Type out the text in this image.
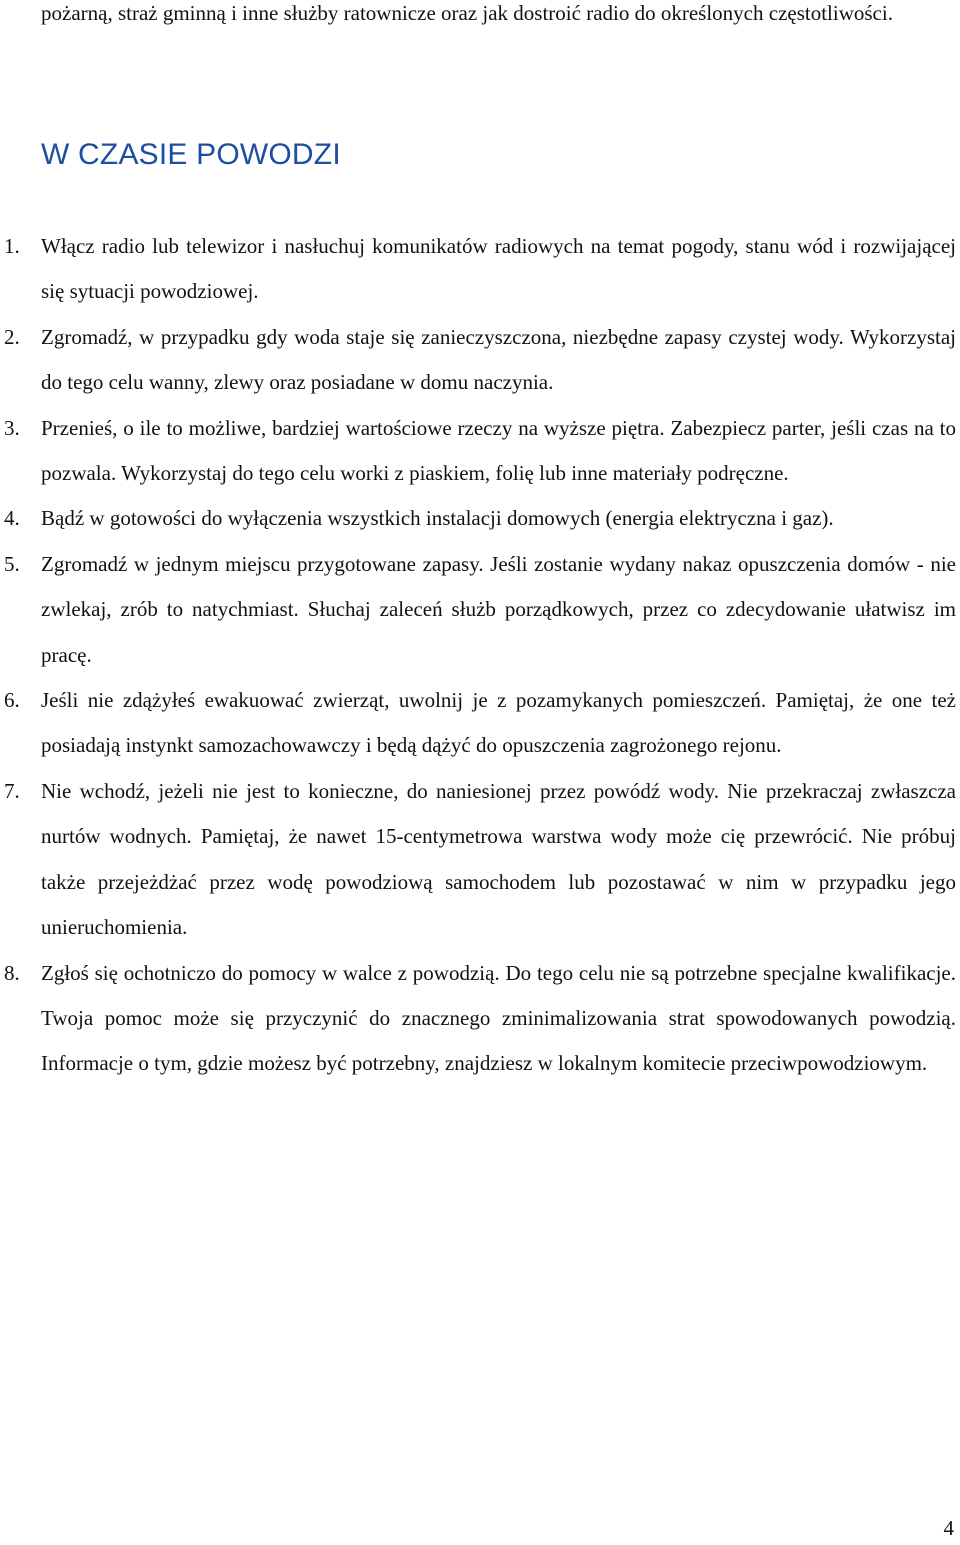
pożarną, straż gminną i inne służby ratownicze oraz jak dostroić radio do określonych częstotliwości.

W CZASIE POWODZI
1. Włącz radio lub telewizor i nasłuchuj komunikatów radiowych na temat pogody, stanu wód i rozwijającej się sytuacji powodziowej.
2. Zgromadź, w przypadku gdy woda staje się zanieczyszczona, niezbędne zapasy czystej wody. Wykorzystaj do tego celu wanny, zlewy oraz posiadane w domu naczynia.
3. Przenieś, o ile to możliwe, bardziej wartościowe rzeczy na wyższe piętra. Zabezpiecz parter, jeśli czas na to pozwala. Wykorzystaj do tego celu worki z piaskiem, folię lub inne materiały podręczne.
4. Bądź w gotowości do wyłączenia wszystkich instalacji domowych (energia elektryczna i gaz).
5. Zgromadź w jednym miejscu przygotowane zapasy. Jeśli zostanie wydany nakaz opuszczenia domów - nie zwlekaj, zrób to natychmiast. Słuchaj zaleceń służb porządkowych, przez co zdecydowanie ułatwisz im pracę.
6. Jeśli nie zdążyłeś ewakuować zwierząt, uwolnij je z pozamykanych pomieszczeń. Pamiętaj, że one też posiadają instynkt samozachowawczy i będą dążyć do opuszczenia zagrożonego rejonu.
7. Nie wchodź, jeżeli nie jest to konieczne, do naniesionej przez powódź wody. Nie przekraczaj zwłaszcza nurtów wodnych. Pamiętaj, że nawet 15-centymetrowa warstwa wody może cię przewrócić. Nie próbuj także przejeżdżać przez wodę powodziową samochodem lub pozostawać w nim w przypadku jego unieruchomienia.
8. Zgłoś się ochotniczo do pomocy w walce z powodzią. Do tego celu nie są potrzebne specjalne kwalifikacje. Twoja pomoc może się przyczynić do znacznego zminimalizowania strat spowodowanych powodzią. Informacje o tym, gdzie możesz być potrzebny, znajdziesz w lokalnym komitecie przeciwpowodziowym.
4
